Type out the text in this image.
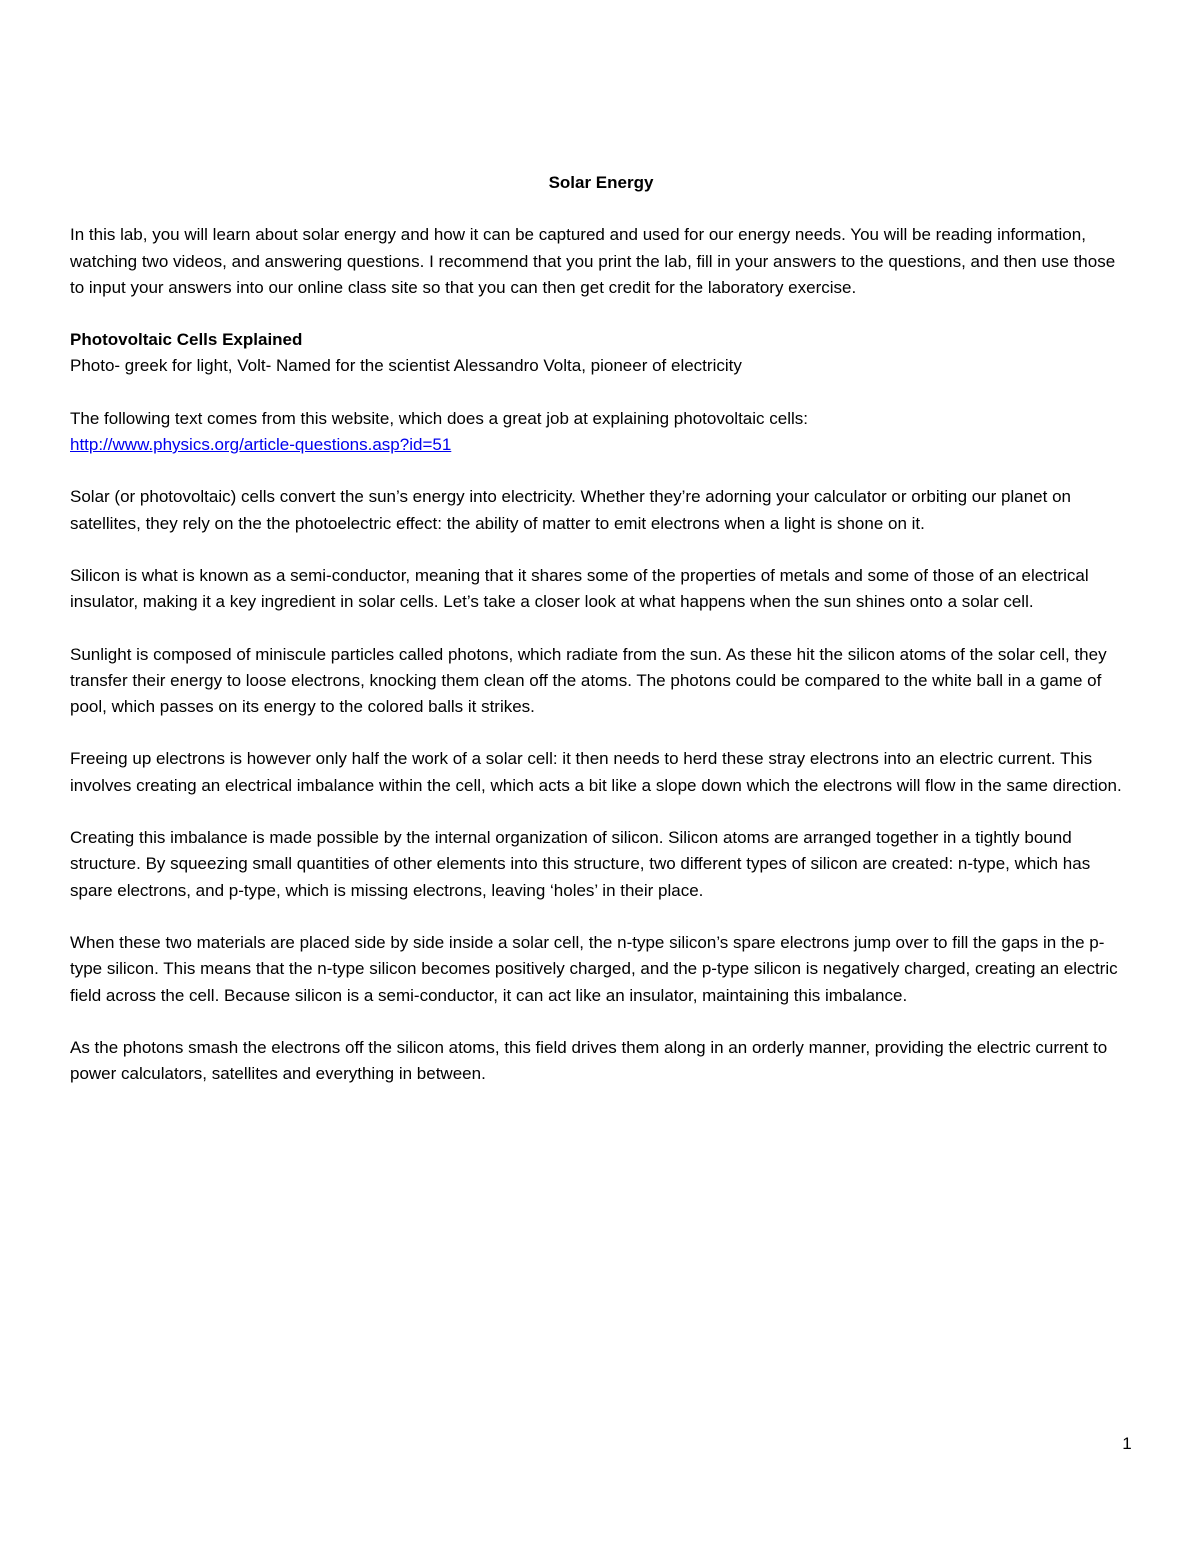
Solar Energy

In this lab, you will learn about solar energy and how it can be captured and used for our energy needs. You will be reading information, watching two videos, and answering questions. I recommend that you print the lab, fill in your answers to the questions, and then use those to input your answers into our online class site so that you can then get credit for the laboratory exercise.

Photovoltaic Cells Explained
Photo- greek for light, Volt- Named for the scientist Alessandro Volta, pioneer of electricity

The following text comes from this website, which does a great job at explaining photovoltaic cells:
http://www.physics.org/article-questions.asp?id=51

Solar (or photovoltaic) cells convert the sun’s energy into electricity. Whether they’re adorning your calculator or orbiting our planet on satellites, they rely on the the photoelectric effect: the ability of matter to emit electrons when a light is shone on it.

Silicon is what is known as a semi-conductor, meaning that it shares some of the properties of metals and some of those of an electrical insulator, making it a key ingredient in solar cells. Let’s take a closer look at what happens when the sun shines onto a solar cell.

Sunlight is composed of miniscule particles called photons, which radiate from the sun. As these hit the silicon atoms of the solar cell, they transfer their energy to loose electrons, knocking them clean off the atoms. The photons could be compared to the white ball in a game of pool, which passes on its energy to the colored balls it strikes.

Freeing up electrons is however only half the work of a solar cell: it then needs to herd these stray electrons into an electric current. This involves creating an electrical imbalance within the cell, which acts a bit like a slope down which the electrons will flow in the same direction.

Creating this imbalance is made possible by the internal organization of silicon. Silicon atoms are arranged together in a tightly bound structure. By squeezing small quantities of other elements into this structure, two different types of silicon are created: n-type, which has spare electrons, and p-type, which is missing electrons, leaving ‘holes’ in their place.

When these two materials are placed side by side inside a solar cell, the n-type silicon’s spare electrons jump over to fill the gaps in the p-type silicon. This means that the n-type silicon becomes positively charged, and the p-type silicon is negatively charged, creating an electric field across the cell. Because silicon is a semi-conductor, it can act like an insulator, maintaining this imbalance.

As the photons smash the electrons off the silicon atoms, this field drives them along in an orderly manner, providing the electric current to power calculators, satellites and everything in between.

1
